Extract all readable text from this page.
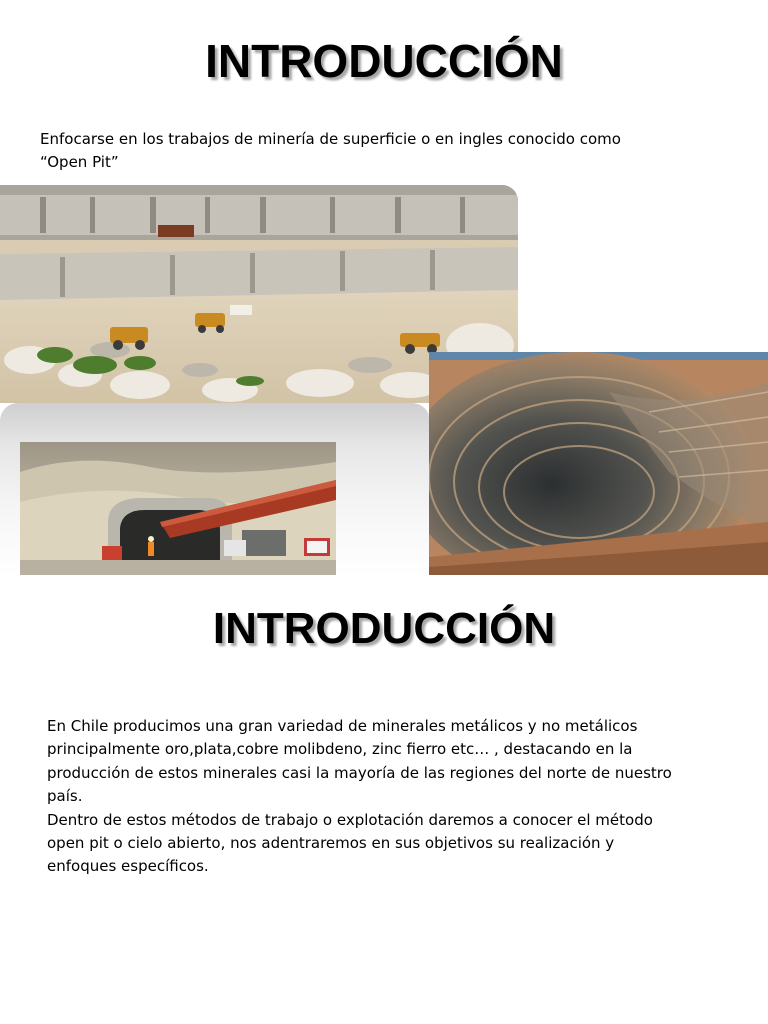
INTRODUCCIÓN
Enfocarse en los trabajos de minería de superficie o en ingles conocido como
“Open Pit”
INTRODUCCIÓN
En Chile producimos una gran variedad de minerales metálicos y no metálicos
principalmente oro,plata,cobre molibdeno, zinc fierro etc… , destacando en la
producción de estos minerales casi la mayoría de las regiones del norte de nuestro
país.
Dentro de estos métodos de trabajo o explotación daremos a conocer el método
open pit o cielo abierto, nos adentraremos en sus objetivos su realización y
enfoques específicos.
